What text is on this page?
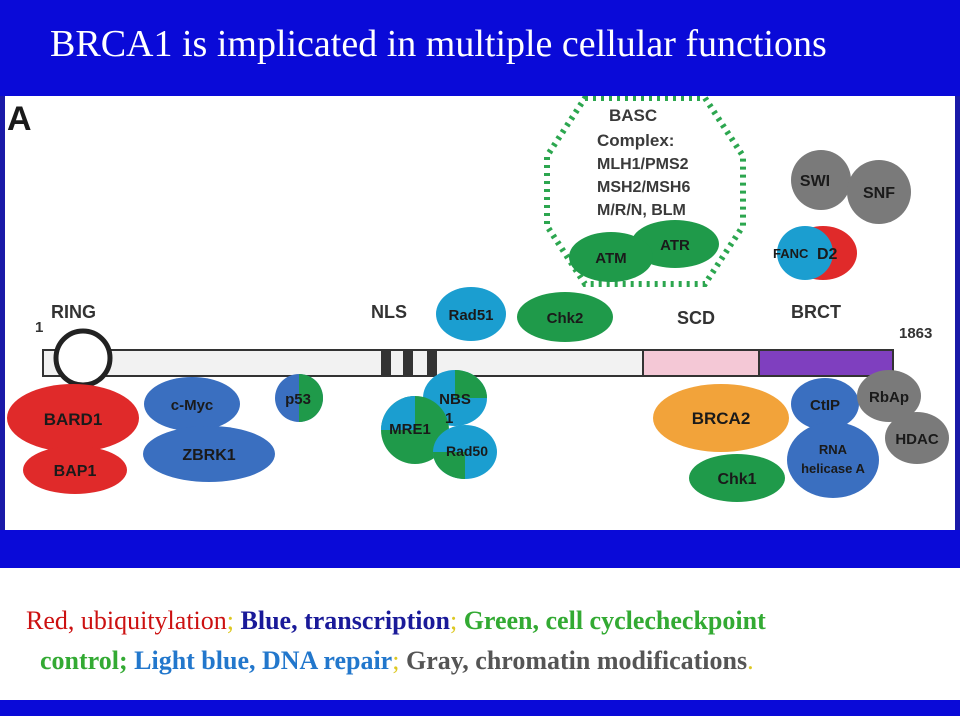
BRCA1 is implicated in multiple cellular functions
A	BASC
Complex:
MLH1/PMS2
MSH2/MSH6
M/R/N, BLM
ATR
ATM
SWI
SNF
FANC D2
RING
1
NLS	SCD	BRCT
1863
Rad51	Chk2
BARD1
BAP1
c-Myc
ZBRK1
p53	NBS
MRE1
1
Rad50
BRCA2
Chk1
CtIP
RNA
helicase A
RbAp
HDAC
Red, ubiquitylation; Blue, transcription; Green, cell cyclecheckpoint
control; Light blue, DNA repair; Gray, chromatin modifications.
